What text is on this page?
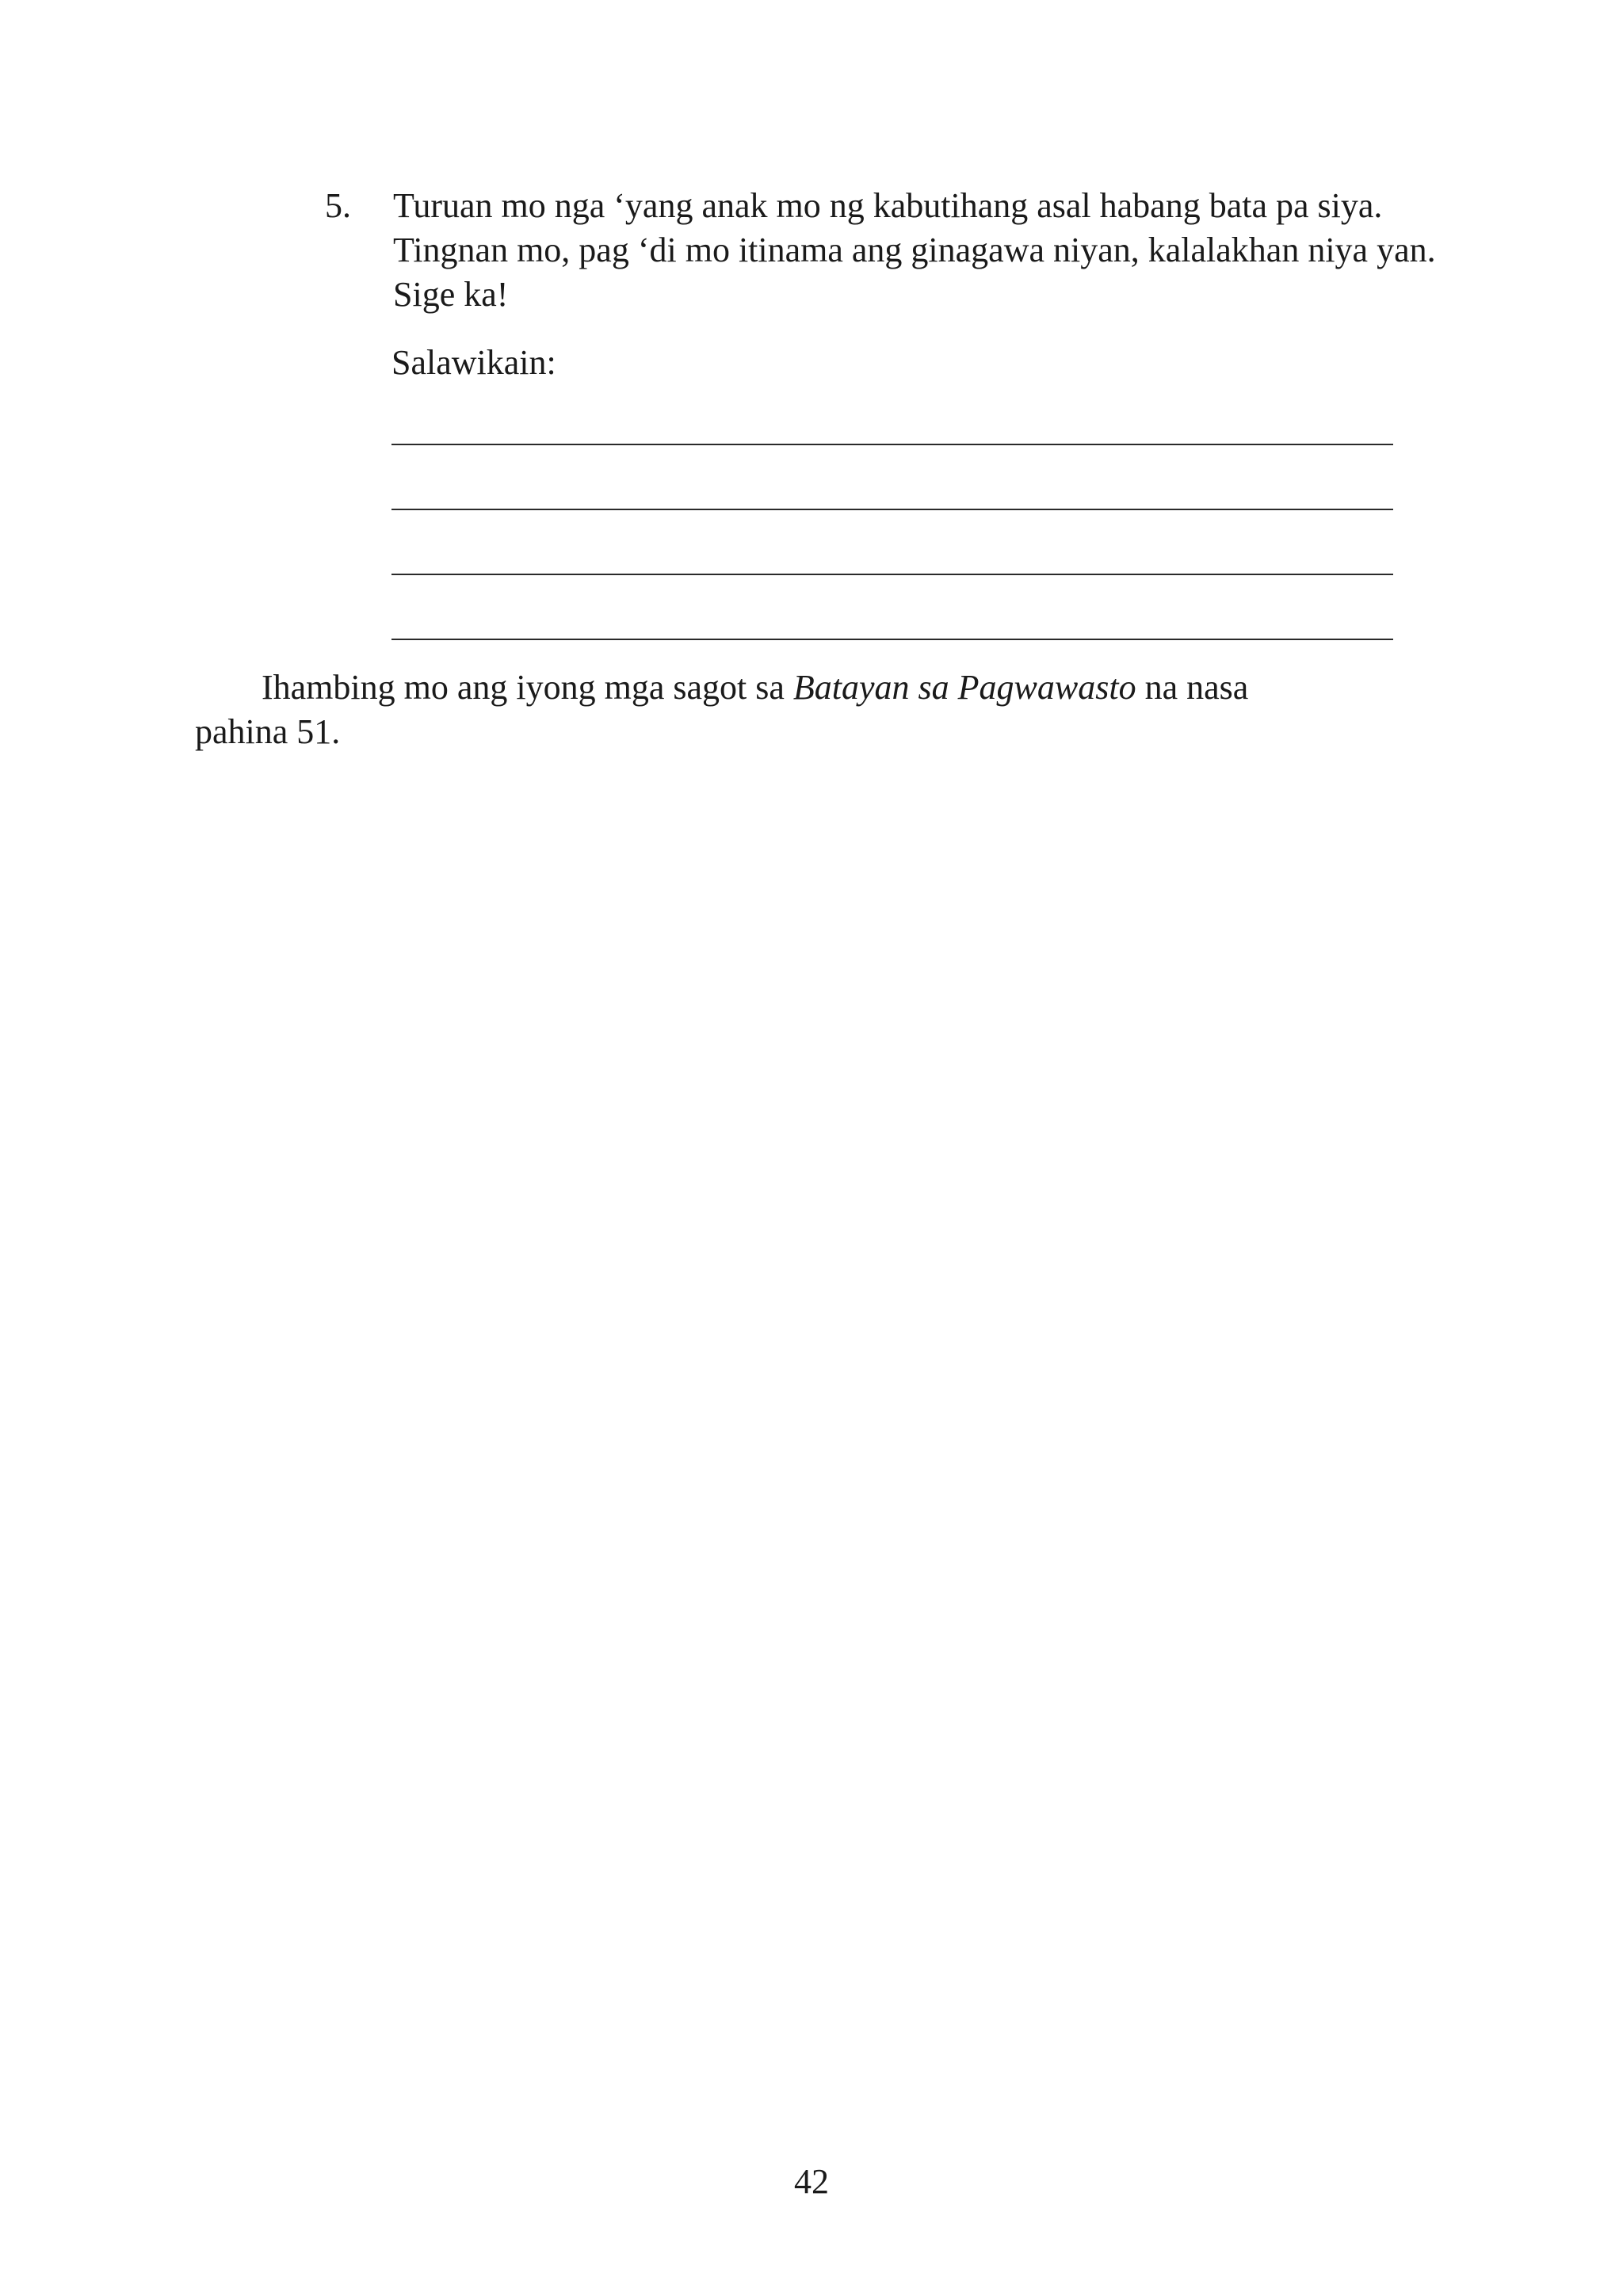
5. Turuan mo nga ‘yang anak mo ng kabutihang asal habang bata pa siya.
Tingnan mo, pag ‘di mo itinama ang ginagawa niyan, kalalakhan niya yan.
Sige ka!
Salawikain:
Ihambing mo ang iyong mga sagot sa Batayan sa Pagwawasto na nasa
pahina 51.
42
